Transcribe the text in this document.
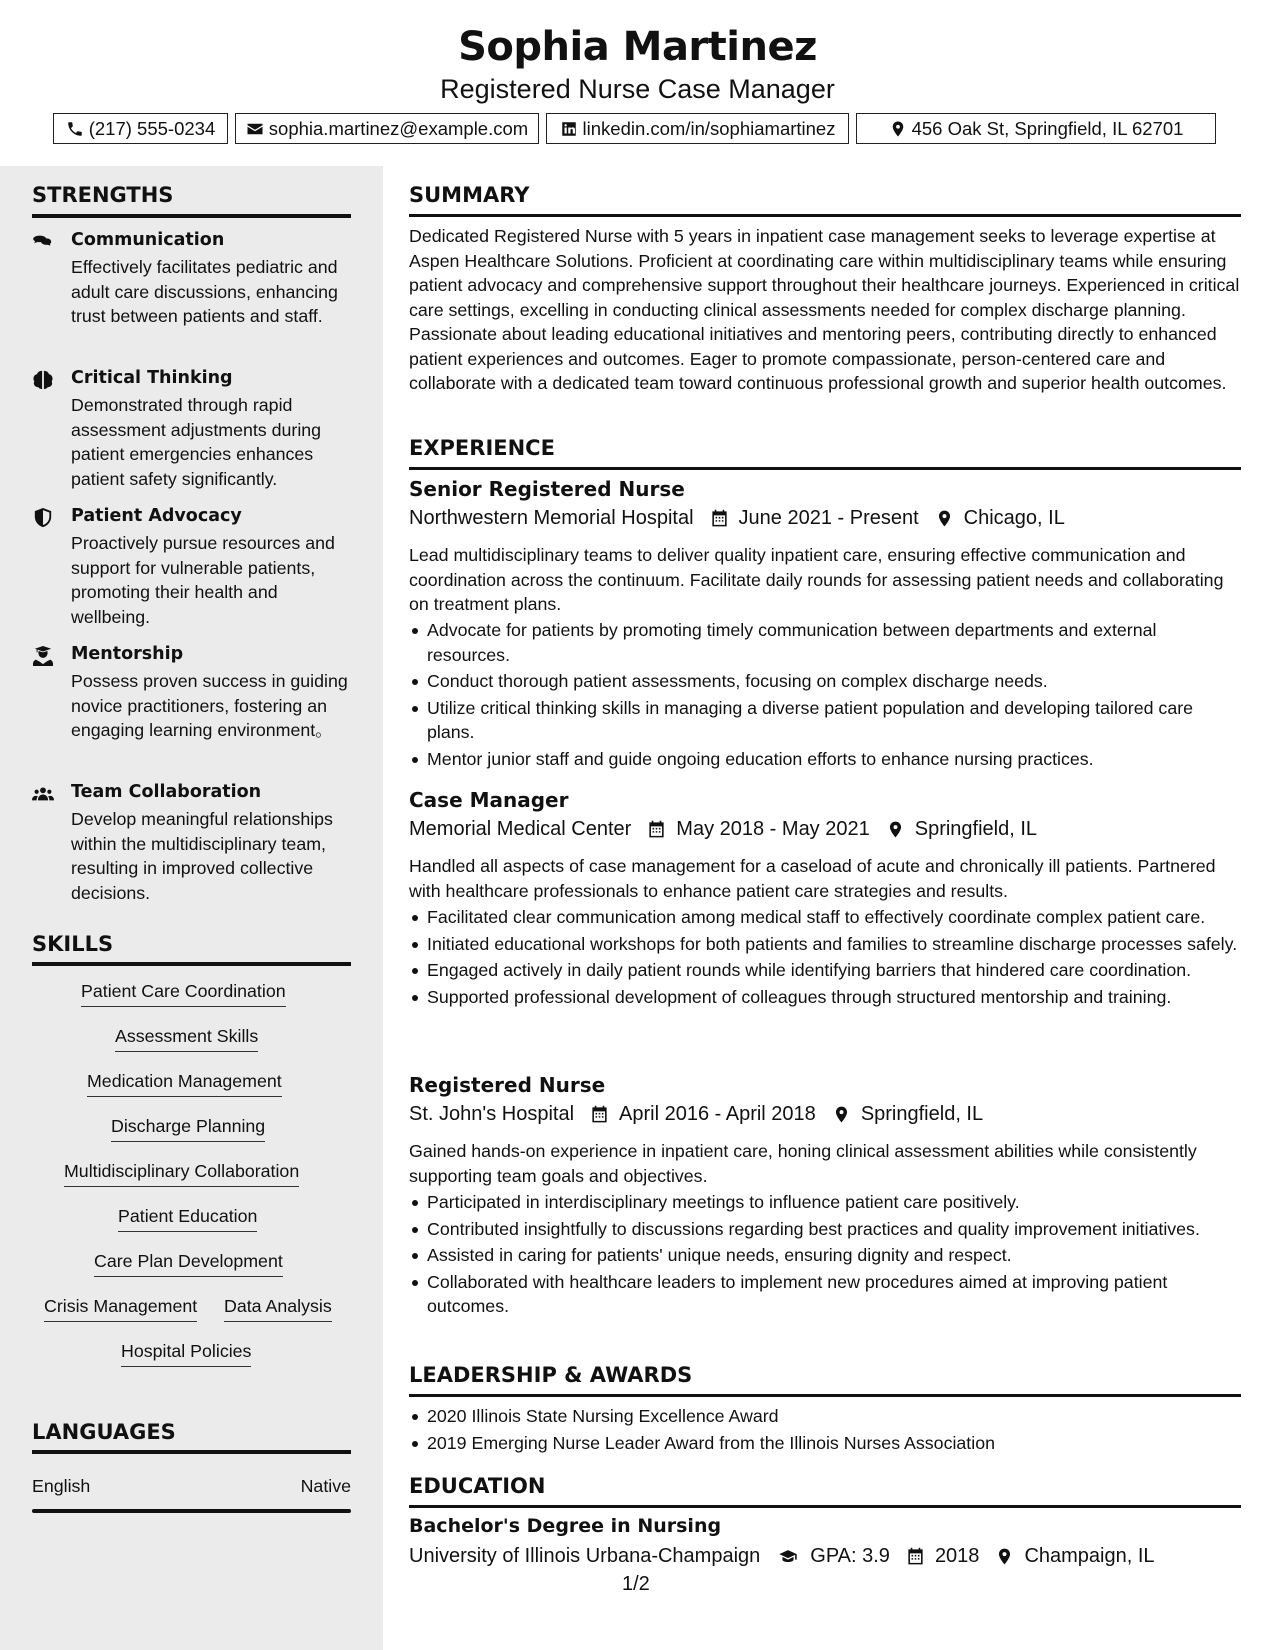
Sophia Martinez
Registered Nurse Case Manager
(217) 555-0234	sophia.martinez@example.com	linkedin.com/in/sophiamartinez	456 Oak St, Springfield, IL 62701
STRENGTHS
Communication
Effectively facilitates pediatric and adult care discussions, enhancing trust between patients and staff.
Critical Thinking
Demonstrated through rapid assessment adjustments during patient emergencies enhances patient safety significantly.
Patient Advocacy
Proactively pursue resources and support for vulnerable patients, promoting their health and wellbeing.
Mentorship
Possess proven success in guiding novice practitioners, fostering an engaging learning environment。
Team Collaboration
Develop meaningful relationships within the multidisciplinary team, resulting in improved collective decisions.
SKILLS
Patient Care Coordination
Assessment Skills
Medication Management
Discharge Planning
Multidisciplinary Collaboration
Patient Education
Care Plan Development
Crisis Management Data Analysis
Hospital Policies
LANGUAGES
English	Native
SUMMARY
Dedicated Registered Nurse with 5 years in inpatient case management seeks to leverage expertise at Aspen Healthcare Solutions. Proficient at coordinating care within multidisciplinary teams while ensuring patient advocacy and comprehensive support throughout their healthcare journeys. Experienced in critical care settings, excelling in conducting clinical assessments needed for complex discharge planning. Passionate about leading educational initiatives and mentoring peers, contributing directly to enhanced patient experiences and outcomes. Eager to promote compassionate, person-centered care and collaborate with a dedicated team toward continuous professional growth and superior health outcomes.
EXPERIENCE
Senior Registered Nurse
Northwestern Memorial Hospital June 2021 - Present Chicago, IL
Lead multidisciplinary teams to deliver quality inpatient care, ensuring effective communication and coordination across the continuum. Facilitate daily rounds for assessing patient needs and collaborating on treatment plans.
Advocate for patients by promoting timely communication between departments and external resources.
Conduct thorough patient assessments, focusing on complex discharge needs.
Utilize critical thinking skills in managing a diverse patient population and developing tailored care plans.
Mentor junior staff and guide ongoing education efforts to enhance nursing practices.
Case Manager
Memorial Medical Center May 2018 - May 2021 Springfield, IL
Handled all aspects of case management for a caseload of acute and chronically ill patients. Partnered with healthcare professionals to enhance patient care strategies and results.
Facilitated clear communication among medical staff to effectively coordinate complex patient care.
Initiated educational workshops for both patients and families to streamline discharge processes safely.
Engaged actively in daily patient rounds while identifying barriers that hindered care coordination.
Supported professional development of colleagues through structured mentorship and training.
Registered Nurse
St. John's Hospital April 2016 - April 2018 Springfield, IL
Gained hands-on experience in inpatient care, honing clinical assessment abilities while consistently supporting team goals and objectives.
Participated in interdisciplinary meetings to influence patient care positively.
Contributed insightfully to discussions regarding best practices and quality improvement initiatives.
Assisted in caring for patients' unique needs, ensuring dignity and respect.
Collaborated with healthcare leaders to implement new procedures aimed at improving patient outcomes.
LEADERSHIP & AWARDS
2020 Illinois State Nursing Excellence Award
2019 Emerging Nurse Leader Award from the Illinois Nurses Association
EDUCATION
Bachelor's Degree in Nursing
University of Illinois Urbana-Champaign	GPA: 3.9 2018 Champaign, IL
1/2
